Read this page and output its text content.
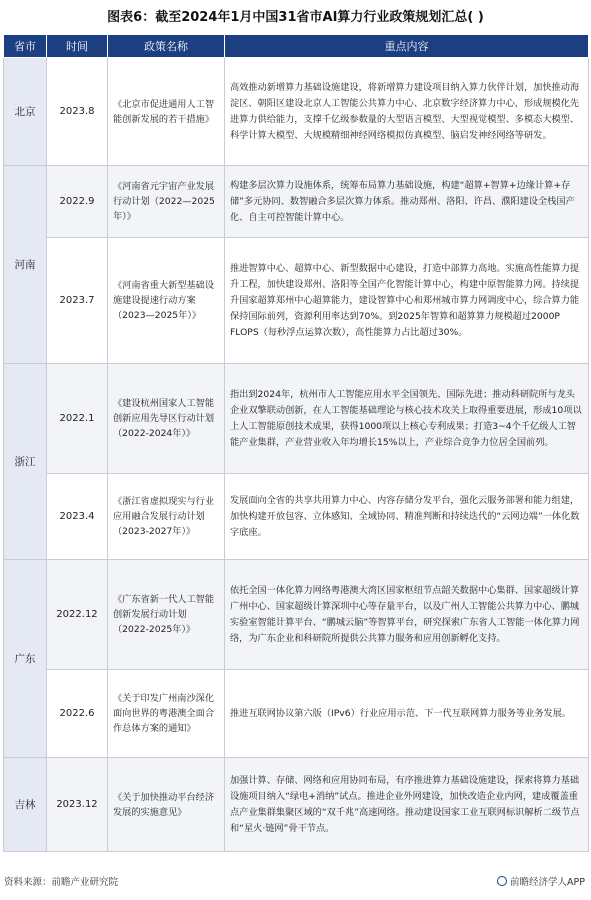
图表6：截至2024年1月中国31省市AI算力行业政策规划汇总( )
省市	时间	政策名称	重点内容
北京	2023.8	《北京市促进通用人工智能创新发展的若干措施》	高效推动新增算力基础设施建设，将新增算力建设项目纳入算力伙伴计划，加快推动海淀区、朝阳区建设北京人工智能公共算力中心、北京数字经济算力中心，形成规模化先进算力供给能力，支撑千亿级参数量的大型语言模型、大型视觉模型、多模态大模型、科学计算大模型、大规模精细神经网络模拟仿真模型、脑启发神经网络等研发。
河南	2022.9	《河南省元宇宙产业发展行动计划（2022—2025年）》	构建多层次算力设施体系，统筹布局算力基础设施，构建“超算+智算+边缘计算+存储”多元协同、数智融合多层次算力体系。推动郑州、洛阳、许昌、濮阳建设全栈国产化、自主可控智能计算中心。
	2023.7	《河南省重大新型基础设施建设提速行动方案（2023—2025年）》	推进智算中心、超算中心、新型数据中心建设，打造中部算力高地。实施高性能算力提升工程，加快建设郑州、洛阳等全国产化智能计算中心，构建中原智能算力网。持续提升国家超算郑州中心超算能力，建设智算中心和郑州城市算力网调度中心，综合算力能保持国际前列，资源利用率达到70%。到2025年智算和超算算力规模超过2000P FLOPS（每秒浮点运算次数），高性能算力占比超过30%。
浙江	2022.1	《建设杭州国家人工智能创新应用先导区行动计划（2022-2024年）》	指出到2024年，杭州市人工智能应用水平全国领先、国际先进；推动科研院所与龙头企业双擎联动创新，在人工智能基础理论与核心技术攻关上取得重要进展，形成10项以上人工智能原创技术成果，获得1000项以上核心专利成果；打造3~4个千亿级人工智能产业集群，产业营业收入年均增长15%以上，产业综合竞争力位居全国前列。
	2023.4	《浙江省虚拟现实与行业应用融合发展行动计划（2023-2027年）》	发展面向全省的共享共用算力中心、内容存储分发平台，强化云服务部署和能力组建，加快构建开放包容、立体感知、全域协同、精准判断和持续迭代的“云网边端”一体化数字底座。
广东	2022.12	《广东省新一代人工智能创新发展行动计划（2022-2025年）》	依托全国一体化算力网络粤港澳大湾区国家枢纽节点韶关数据中心集群、国家超级计算广州中心、国家超级计算深圳中心等存量平台，以及广州人工智能公共算力中心、鹏城实验室智能计算平台、“鹏城云脑”等智算平台，研究探索广东省人工智能一体化算力网络，为广东企业和科研院所提供公共算力服务和应用创新孵化支持。
	2022.6	《关于印发广州南沙深化面向世界的粤港澳全面合作总体方案的通知》	推进互联网协议第六版（IPv6）行业应用示范、下一代互联网算力服务等业务发展。
吉林	2023.12	《关于加快推动平台经济发展的实施意见》	加强计算、存储、网络和应用协同布局，有序推进算力基础设施建设，探索将算力基础设施项目纳入“绿电+消纳”试点。推进企业外网建设，加快改造企业内网，建成覆盖重点产业集群集聚区域的“双千兆”高速网络。推动建设国家工业互联网标识解析二级节点和“星火·链网”骨干节点。
资料来源：前瞻产业研究院	前瞻经济学人APP
